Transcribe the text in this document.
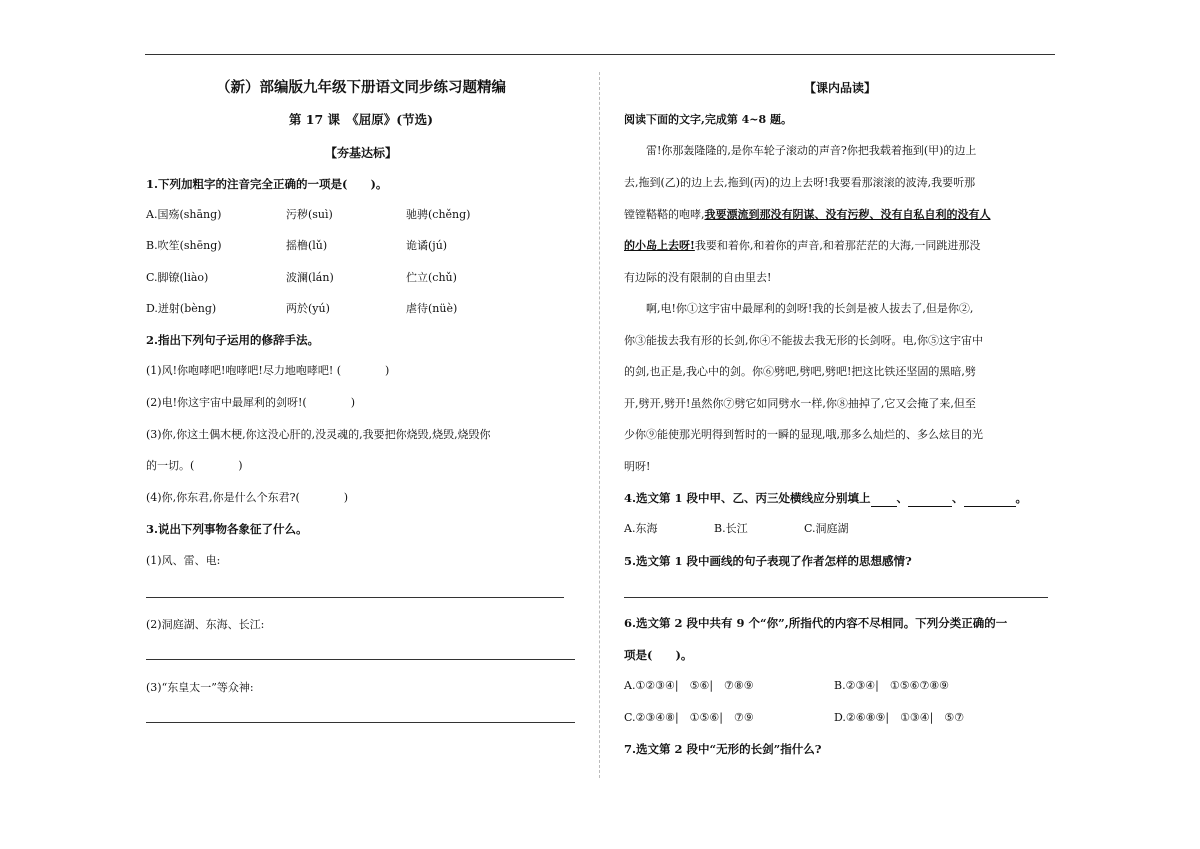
（新）部编版九年级下册语文同步练习题精编
第 17 课　《屈原》(节选)
【夯基达标】
1.下列加粗字的注音完全正确的一项是(　　)。
A.国殇(shāng)	污秽(suì)	驰骋(chěng)
B.吹笙(shēng)	摇橹(lǔ)	诡谲(jú)
C.脚镣(liào)	波澜(lán)	伫立(chǔ)
D.迸射(bèng)	两於(yú)	虐待(nüè)
2.指出下列句子运用的修辞手法。
(1)风!你咆哮吧!咆哮吧!尽力地咆哮吧! (　　　　)
(2)电!你这宇宙中最犀利的剑呀!(　　　　)
(3)你,你这土偶木梗,你这没心肝的,没灵魂的,我要把你烧毁,烧毁,烧毁你
的一切。(　　　　)
(4)你,你东君,你是什么个东君?(　　　　)
3.说出下列事物各象征了什么。
(1)风、雷、电:
(2)洞庭湖、东海、长江:
(3)“东皇太一”等众神:
【课内品读】
阅读下面的文字,完成第 4~8 题。
雷!你那轰隆隆的,是你车轮子滚动的声音?你把我载着拖到(甲)的边上
去,拖到(乙)的边上去,拖到(丙)的边上去呀!我要看那滚滚的波涛,我要听那
镗镗鞳鞳的咆哮,我要漂流到那没有阴谋、没有污秽、没有自私自利的没有人
的小岛上去呀!我要和着你,和着你的声音,和着那茫茫的大海,一同跳进那没
有边际的没有限制的自由里去!
啊,电!你①这宇宙中最犀利的剑呀!我的长剑是被人拔去了,但是你②,
你③能拔去我有形的长剑,你④不能拔去我无形的长剑呀。电,你⑤这宇宙中
的剑,也正是,我心中的剑。你⑥劈吧,劈吧,劈吧!把这比铁还坚固的黑暗,劈
开,劈开,劈开!虽然你⑦劈它如同劈水一样,你⑧抽掉了,它又会掩了来,但至
少你⑨能使那光明得到暂时的一瞬的显现,哦,那多么灿烂的、多么炫目的光
明呀!
4.选文第 1 段中甲、乙、丙三处横线应分别填上 、	、	。
A.东海	B.长江	C.洞庭湖
5.选文第 1 段中画线的句子表现了作者怎样的思想感情?
6.选文第 2 段中共有 9 个“你”,所指代的内容不尽相同。下列分类正确的一
项是(　　)。
A.①②③④|　⑤⑥|　⑦⑧⑨	B.②③④|　①⑤⑥⑦⑧⑨
C.②③④⑧|　①⑤⑥|　⑦⑨	D.②⑥⑧⑨|　①③④|　⑤⑦
7.选文第 2 段中“无形的长剑”指什么?
